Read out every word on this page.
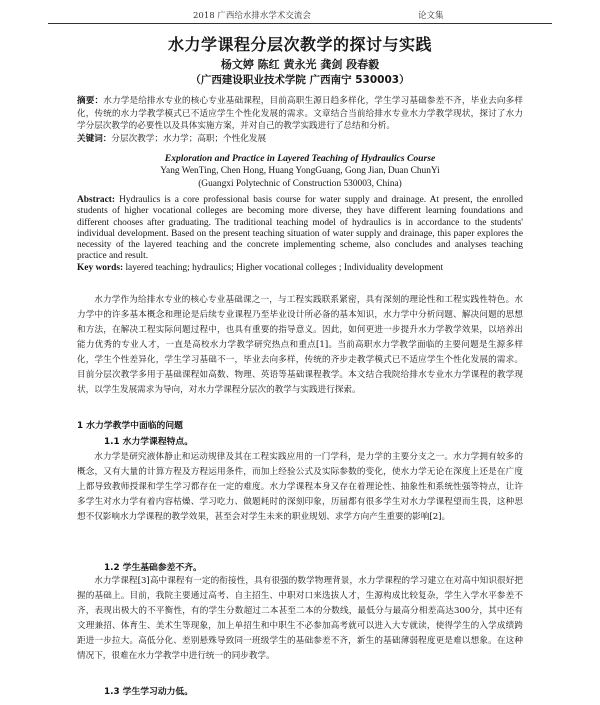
2018 广西给水排水学术交流会	论文集
水力学课程分层次教学的探讨与实践
杨文婷 陈红 黄永光 龚剑 段春毅
（广西建设职业技术学院 广西南宁 530003）
摘要：水力学是给排水专业的核心专业基础课程，目前高职生源日趋多样化，学生学习基础参差不齐，毕业去向多样化，传统的水力学教学模式已不适应学生个性化发展的需求。文章结合当前给排水专业水力学教学现状，探讨了水力学分层次教学的必要性以及具体实施方案，并对自己的教学实践进行了总结和分析。
关键词：分层次教学；水力学；高职；个性化发展
Exploration and Practice in Layered Teaching of Hydraulics Course
Yang WenTing, Chen Hong, Huang YongGuang, Gong Jian, Duan ChunYi
(Guangxi Polytechnic of Construction 530003, China)
Abstract: Hydraulics is a core professional basis course for water supply and drainage. At present, the enrolled students of higher vocational colleges are becoming more diverse, they have different learning foundations and different chooses after graduating. The traditional teaching model of hydraulics is in accordance to the students' individual development. Based on the present teaching situation of water supply and drainage, this paper explores the necessity of the layered teaching and the concrete implementing scheme, also concludes and analyses teaching practice and result.
Key words: layered teaching; hydraulics; Higher vocational colleges ; Individuality development

水力学作为给排水专业的核心专业基础课之一，与工程实践联系紧密，具有深刻的理论性和工程实践性特色。水力学中的许多基本概念和理论是后续专业课程乃至毕业设计所必备的基本知识，水力学中分析问题、解决问题的思想和方法，在解决工程实际问题过程中，也具有重要的指导意义。因此，如何更进一步提升水力学教学效果，以培养出能力优秀的专业人才，一直是高校水力学教学研究热点和重点[1]。当前高职水力学教学面临的主要问题是生源多样化，学生个性差异化，学生学习基础不一，毕业去向多样，传统的齐步走教学模式已不适应学生个性化发展的需求。目前分层次教学多用于基础课程如高数、物理、英语等基础课程教学。本文结合我院给排水专业水力学课程的教学现状，以学生发展需求为导向，对水力学课程分层次的教学与实践进行探索。

1 水力学教学中面临的问题
1.1 水力学课程特点。

水力学是研究液体静止和运动规律及其在工程实践应用的一门学科，是力学的主要分支之一。水力学拥有较多的概念，又有大量的计算方程及方程运用条件，而加上经验公式及实际参数的变化，使水力学无论在深度上还是在广度上都导致教师授课和学生学习都存在一定的难度。水力学课程本身又存在着理论性、抽象性和系统性强等特点，让许多学生对水力学有着内容枯燥、学习吃力、做题耗时的深刻印象，历届都有很多学生对水力学课程望而生畏，这种思想不仅影响水力学课程的教学效果，甚至会对学生未来的职业规划、求学方向产生重要的影响[2]。

1.2 学生基础参差不齐。

水力学课程[3]高中课程有一定的衔接性，具有很强的数学物理背景，水力学课程的学习建立在对高中知识很好把握的基础上。目前，我院主要通过高考、自主招生、中职对口来选拔人才，生源构成比较复杂，学生入学水平参差不齐，表现出极大的不平衡性，有的学生分数超过二本甚至二本的分数线，最低分与最高分相差高达300分，其中还有文理兼招、体育生、美术生等现象，加上单招生和中职生不必参加高考就可以进入大专就读，使得学生的入学成绩跨距进一步拉大。高低分化、差别悬殊导致同一班级学生的基础参差不齐，新生的基础薄弱程度更是难以想象。在这种情况下，很难在水力学教学中进行统一的同步教学。

1.3 学生学习动力低。
